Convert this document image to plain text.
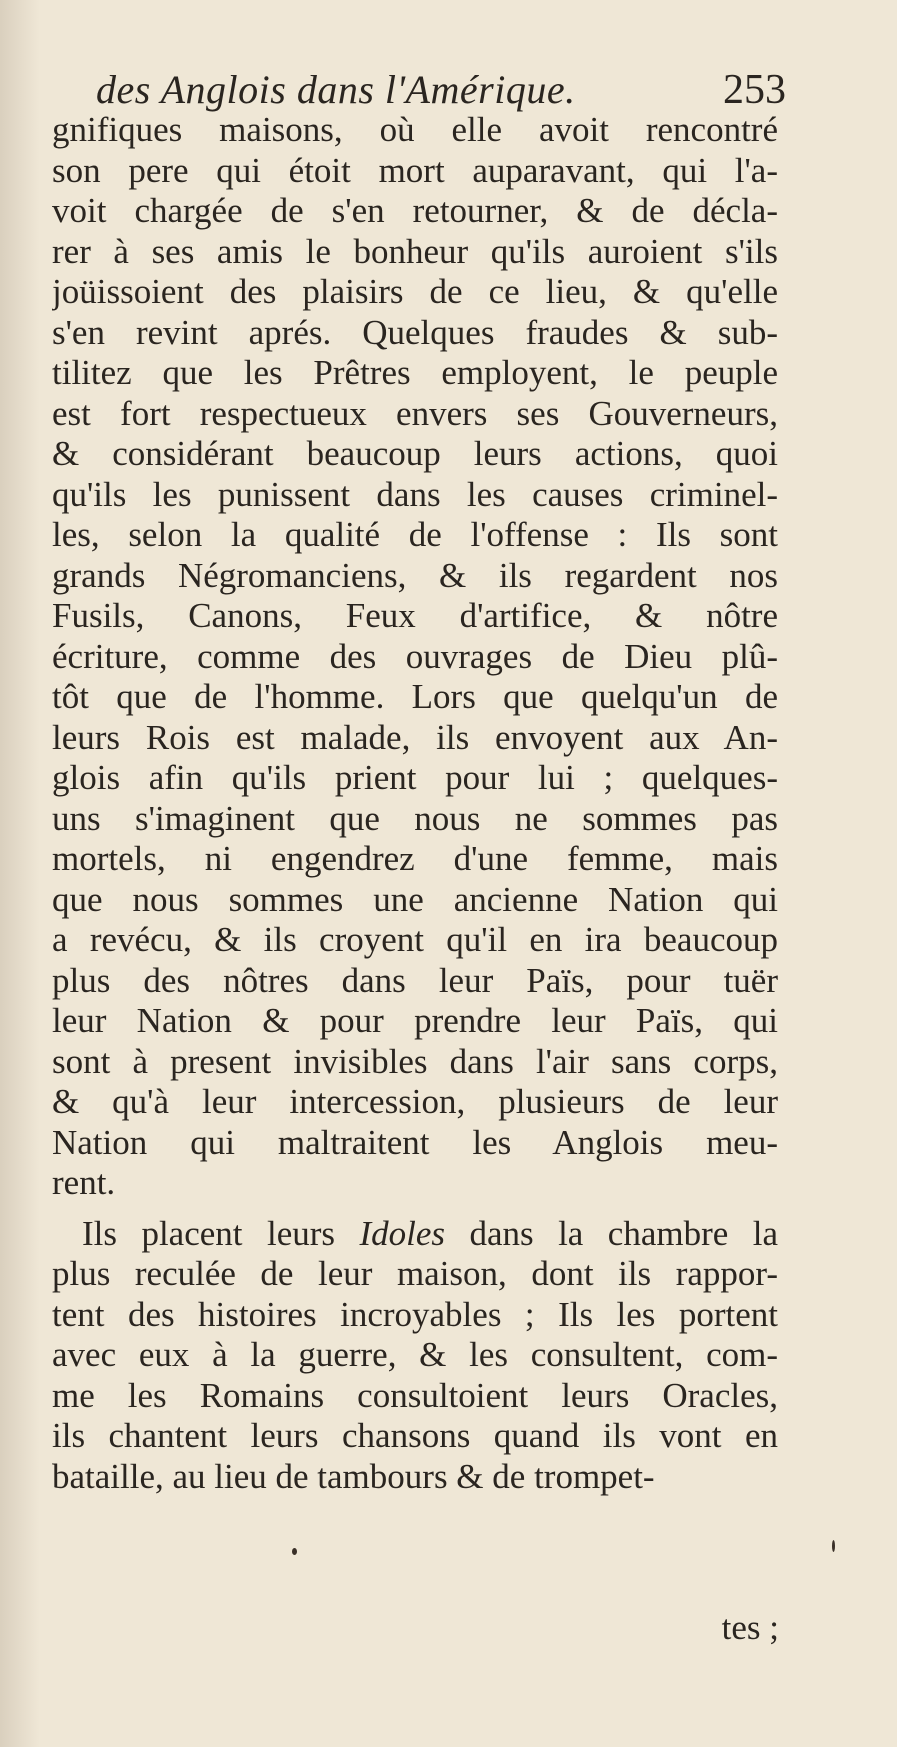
des Anglois dans l'Amérique.	253
gnifiques maisons, où elle avoit rencontré
son pere qui étoit mort auparavant, qui l'a-
voit chargée de s'en retourner, & de décla-
rer à ses amis le bonheur qu'ils auroient s'ils
joüissoient des plaisirs de ce lieu, & qu'elle
s'en revint aprés. Quelques fraudes & sub-
tilitez que les Prêtres employent, le peuple
est fort respectueux envers ses Gouverneurs,
& considérant beaucoup leurs actions, quoi
qu'ils les punissent dans les causes criminel-
les, selon la qualité de l'offense : Ils sont
grands Négromanciens, & ils regardent nos
Fusils, Canons, Feux d'artifice, & nôtre
écriture, comme des ouvrages de Dieu plû-
tôt que de l'homme. Lors que quelqu'un de
leurs Rois est malade, ils envoyent aux An-
glois afin qu'ils prient pour lui ; quelques-
uns s'imaginent que nous ne sommes pas
mortels, ni engendrez d'une femme, mais
que nous sommes une ancienne Nation qui
a revécu, & ils croyent qu'il en ira beaucoup
plus des nôtres dans leur Païs, pour tuër
leur Nation & pour prendre leur Païs, qui
sont à present invisibles dans l'air sans corps,
& qu'à leur intercession, plusieurs de leur
Nation qui maltraitent les Anglois meu-
rent.
Ils placent leurs Idoles dans la chambre la
plus reculée de leur maison, dont ils rappor-
tent des histoires incroyables ; Ils les portent
avec eux à la guerre, & les consultent, com-
me les Romains consultoient leurs Oracles,
ils chantent leurs chansons quand ils vont en
bataille, au lieu de tambours & de trompet-
tes ;
